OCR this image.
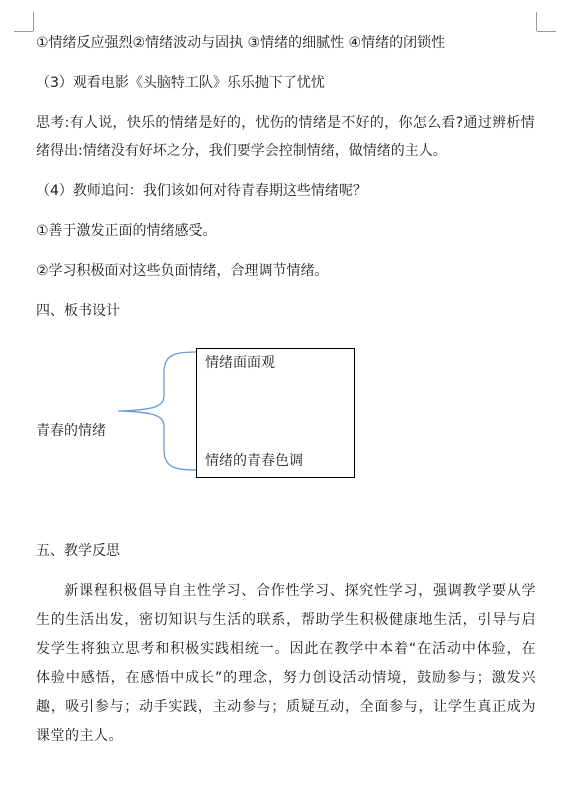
①情绪反应强烈②情绪波动与固执 ③情绪的细腻性 ④情绪的闭锁性
（3）观看电影《头脑特工队》乐乐抛下了忧忧
思考:有人说，快乐的情绪是好的，忧伤的情绪是不好的，你怎么看?通过辨析情
绪得出:情绪没有好坏之分，我们要学会控制情绪，做情绪的主人。
（4）教师追问：我们该如何对待青春期这些情绪呢？
①善于激发正面的情绪感受。
②学习积极面对这些负面情绪，合理调节情绪。
四、板书设计
青春的情绪
情绪面面观
情绪的青春色调
五、教学反思
新课程积极倡导自主性学习、合作性学习、探究性学习，强调教学要从学生的生活出发，密切知识与生活的联系，帮助学生积极健康地生活，引导与启发学生将独立思考和积极实践相统一。因此在教学中本着“在活动中体验，在体验中感悟，在感悟中成长”的理念，努力创设活动情境，鼓励参与；激发兴趣，吸引参与；动手实践，主动参与；质疑互动，全面参与，让学生真正成为课堂的主人。
